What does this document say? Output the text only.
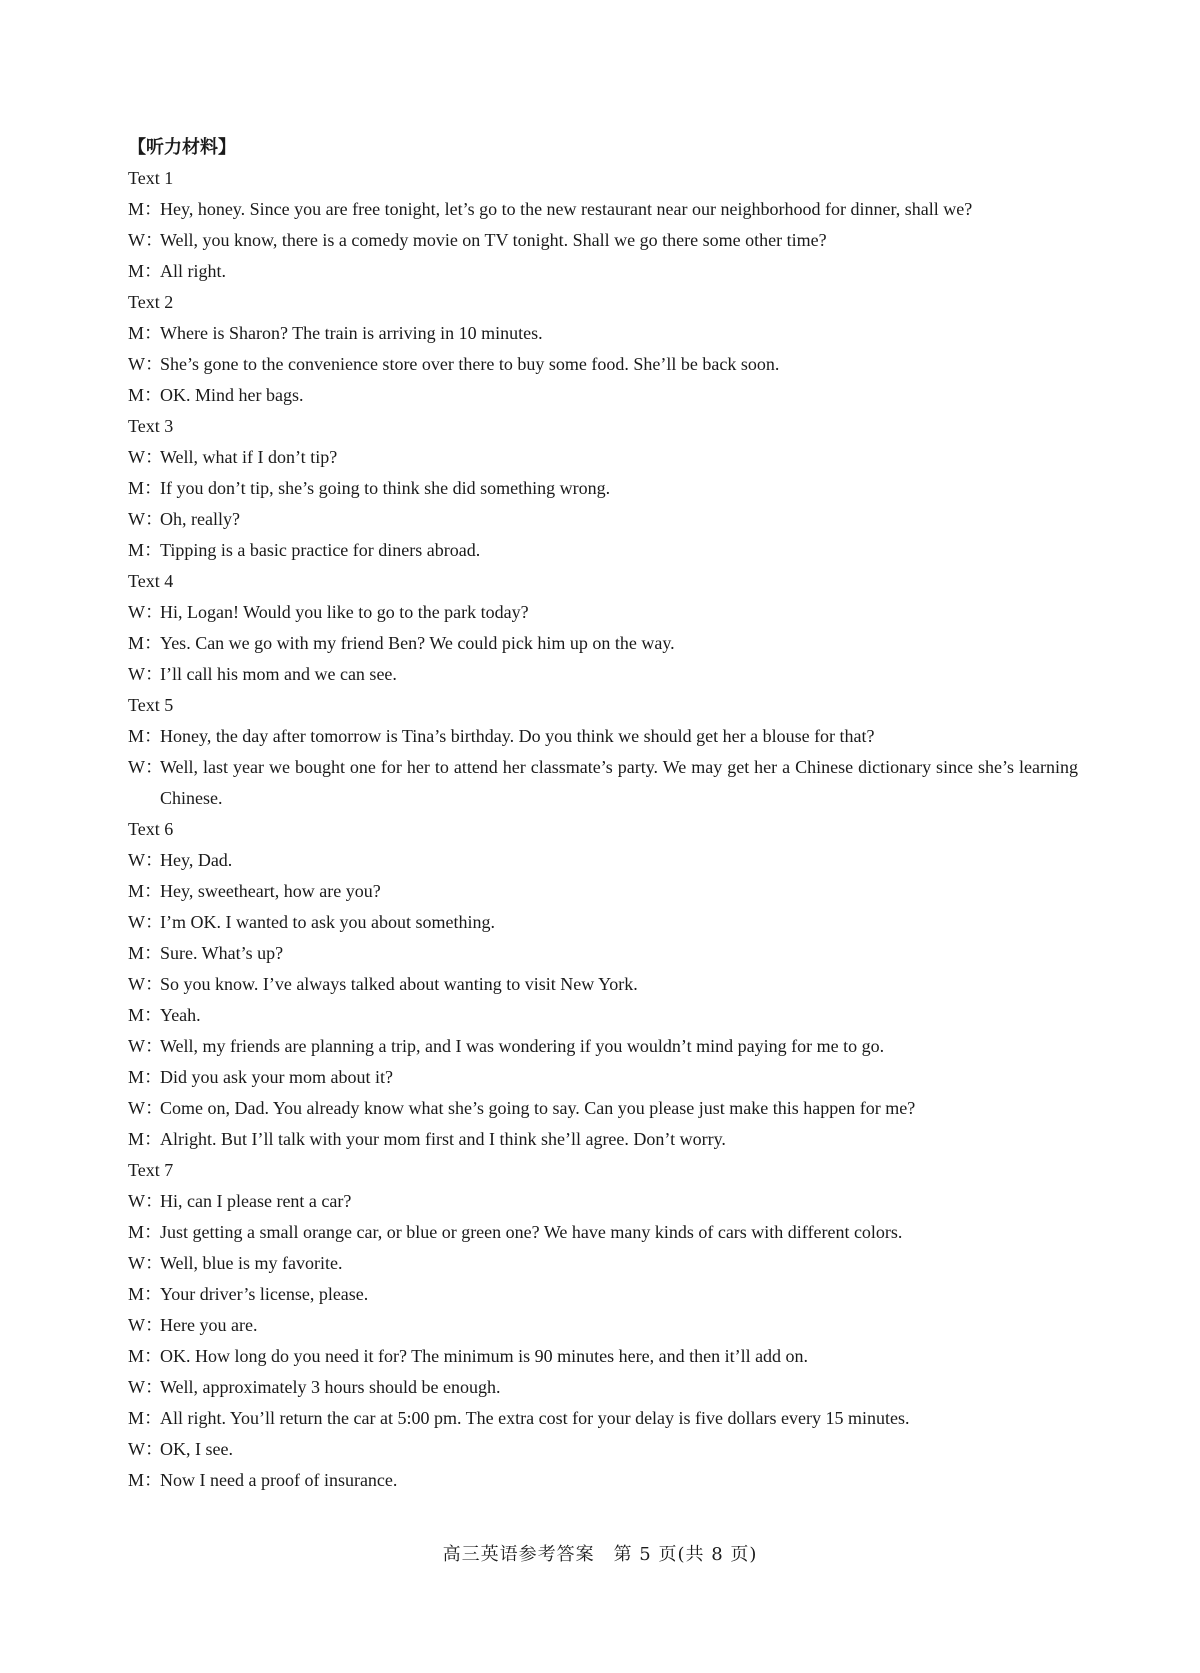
【听力材料】
Text 1
M：Hey, honey. Since you are free tonight, let’s go to the new restaurant near our neighborhood for dinner, shall we?
W：Well, you know, there is a comedy movie on TV tonight. Shall we go there some other time?
M：All right.
Text 2
M：Where is Sharon? The train is arriving in 10 minutes.
W：She’s gone to the convenience store over there to buy some food. She’ll be back soon.
M：OK. Mind her bags.
Text 3
W：Well, what if I don’t tip?
M：If you don’t tip, she’s going to think she did something wrong.
W：Oh, really?
M：Tipping is a basic practice for diners abroad.
Text 4
W：Hi, Logan! Would you like to go to the park today?
M：Yes. Can we go with my friend Ben? We could pick him up on the way.
W：I’ll call his mom and we can see.
Text 5
M：Honey, the day after tomorrow is Tina’s birthday. Do you think we should get her a blouse for that?
W：Well, last year we bought one for her to attend her classmate’s party. We may get her a Chinese dictionary since she’s learning Chinese.
Text 6
W：Hey, Dad.
M：Hey, sweetheart, how are you?
W：I’m OK. I wanted to ask you about something.
M：Sure. What’s up?
W：So you know. I’ve always talked about wanting to visit New York.
M：Yeah.
W：Well, my friends are planning a trip, and I was wondering if you wouldn’t mind paying for me to go.
M：Did you ask your mom about it?
W：Come on, Dad. You already know what she’s going to say. Can you please just make this happen for me?
M：Alright. But I’ll talk with your mom first and I think she’ll agree. Don’t worry.
Text 7
W：Hi, can I please rent a car?
M：Just getting a small orange car, or blue or green one? We have many kinds of cars with different colors.
W：Well, blue is my favorite.
M：Your driver’s license, please.
W：Here you are.
M：OK. How long do you need it for? The minimum is 90 minutes here, and then it’ll add on.
W：Well, approximately 3 hours should be enough.
M：All right. You’ll return the car at 5:00 pm. The extra cost for your delay is five dollars every 15 minutes.
W：OK, I see.
M：Now I need a proof of insurance.
高三英语参考答案　第 5 页(共 8 页)
